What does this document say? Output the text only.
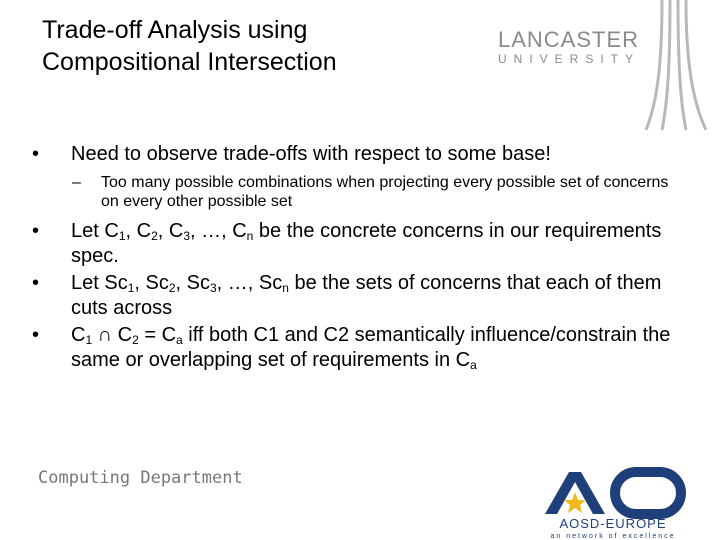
Trade-off Analysis using
Compositional Intersection
LANCASTER
UNIVERSITY
• Need to observe trade-offs with respect to some base!
– Too many possible combinations when projecting every possible set of concerns on every other possible set
• Let $C_1$, $C_2$, $C_3$, …, $C_n$ be the concrete concerns in our requirements spec.
• Let $Sc_1$, $Sc_2$, $Sc_3$, …, $Sc_n$ be the sets of concerns that each of them cuts across
• $C_1$ ∩ $C_2 = C_a$ iff both C1 and C2 semantically influence/constrain the same or overlapping set of requirements in $C_a$
Computing Department
AOSD-EUROPE
an network of excellence
